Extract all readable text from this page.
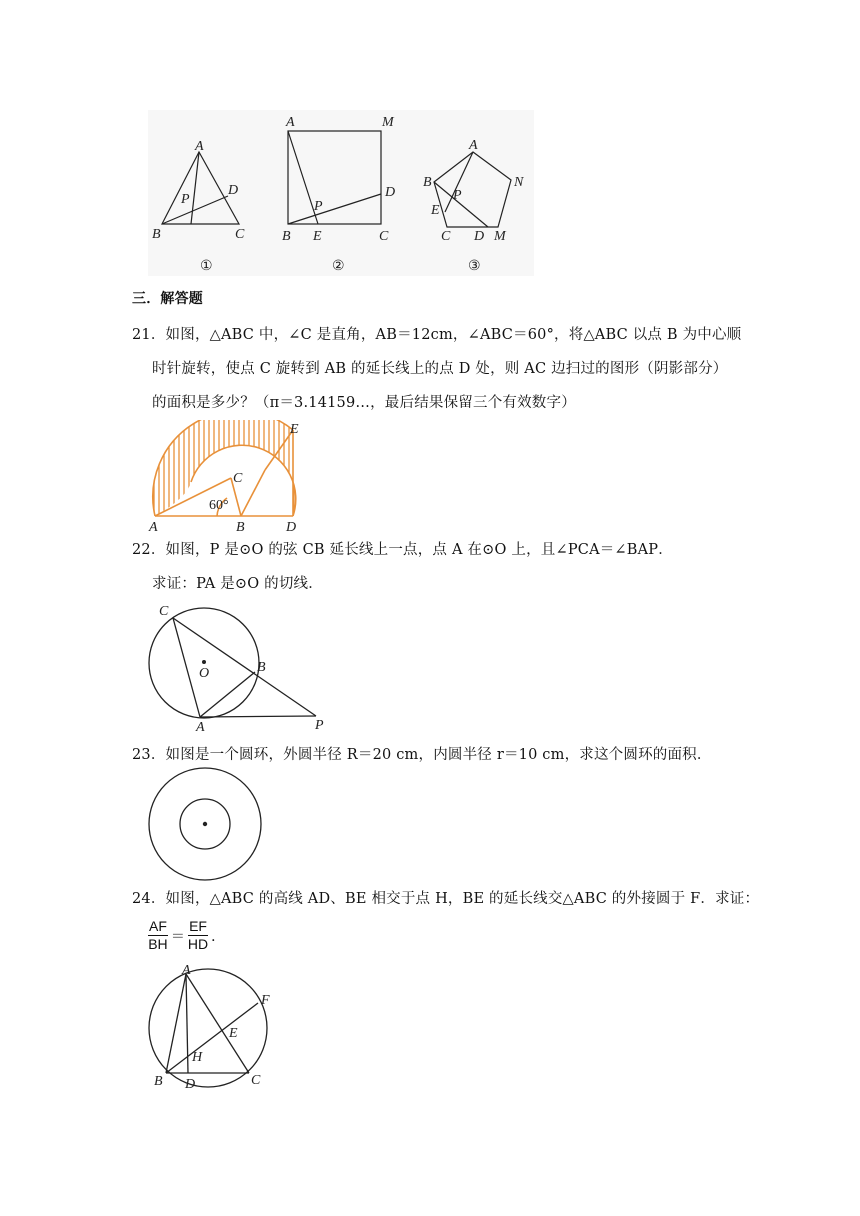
A
P
D
B	C
①
A	M
P
D
B E	C
②
A
N
B
P
E
C D M
③
三．解答题
21．如图，△ABC 中，∠C 是直角，AB＝12cm，∠ABC＝60°，将△ABC 以点 B 为中心顺
时针旋转，使点 C 旋转到 AB 的延长线上的点 D 处，则 AC 边扫过的图形（阴影部分）
的面积是多少？（π＝3.14159…，最后结果保留三个有效数字）
E
C
60°
A	B	D
22．如图，P 是⊙O 的弦 CB 延长线上一点，点 A 在⊙O 上，且∠PCA＝∠BAP．
求证：PA 是⊙O 的切线．
C
O	B
A	P
23．如图是一个圆环，外圆半径 R＝20 cm，内圆半径 r＝10 cm，求这个圆环的面积．
24．如图，△ABC 的高线 AD、BE 相交于点 H，BE 的延长线交△ABC 的外接圆于 F．求证：
$\frac{AF}{BH} = \frac{EF}{HD}$ ．
A
F
E
H
B D	C
